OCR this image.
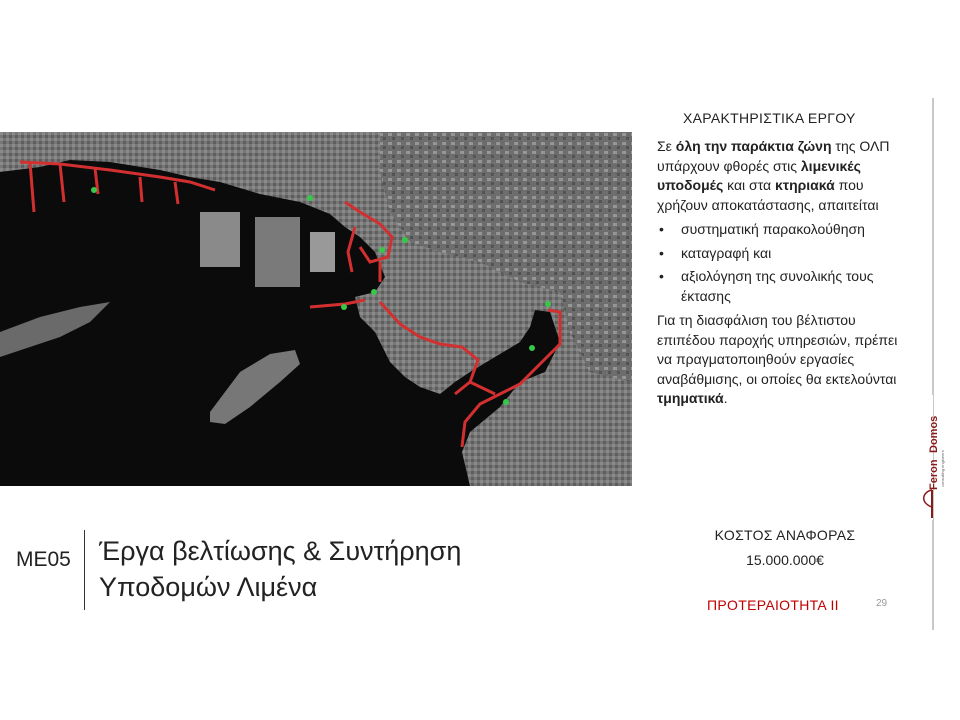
ΧΑΡΑΚΤΗΡΙΣΤΙΚΑ ΕΡΓΟΥ

Σε όλη την παράκτια ζώνη της ΟΛΠ υπάρχουν φθορές στις λιμενικές υποδομές και στα κτηριακά που χρήζουν αποκατάστασης, απαιτείται

• συστηματική παρακολούθηση
• καταγραφή και
• αξιολόγηση της συνολικής τους έκτασης

Για τη διασφάλιση του βέλτιστου επιπέδου παροχής υπηρεσιών, πρέπει να πραγματοποιηθούν εργασίες αναβάθμισης, οι οποίες θα εκτελούνται τμηματικά.

ΚΟΣΤΟΣ ΑΝΑΦΟΡΑΣ
15.000.000€
ΠΡΟΤΕΡΑΙΟΤΗΤΑ ΙΙ	29
Domos
Feron consulting engineers
ΜΕ05 Έργα βελτίωσης & Συντήρηση
Υποδομών Λιμένα
